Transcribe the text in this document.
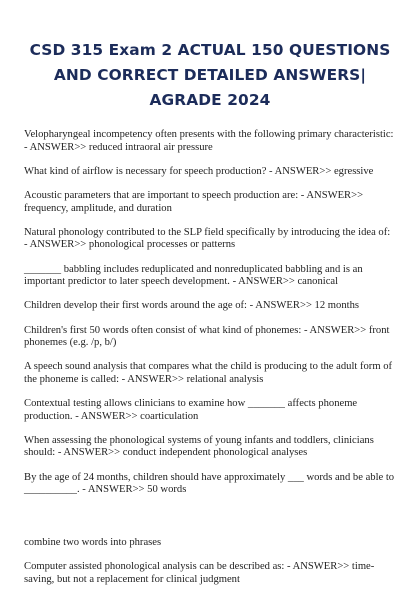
CSD 315 Exam 2 ACTUAL 150 QUESTIONS AND CORRECT DETAILED ANSWERS| AGRADE 2024

Velopharyngeal incompetency often presents with the following primary characteristic: - ANSWER>> reduced intraoral air pressure

What kind of airflow is necessary for speech production? - ANSWER>> egressive

Acoustic parameters that are important to speech production are: - ANSWER>> frequency, amplitude, and duration

Natural phonology contributed to the SLP field specifically by introducing the idea of: - ANSWER>> phonological processes or patterns

_______ babbling includes reduplicated and nonreduplicated babbling and is an important predictor to later speech development. - ANSWER>> canonical

Children develop their first words around the age of: - ANSWER>> 12 months

Children's first 50 words often consist of what kind of phonemes: - ANSWER>> front phonemes (e.g. /p, b/)

A speech sound analysis that compares what the child is producing to the adult form of the phoneme is called: - ANSWER>> relational analysis

Contextual testing allows clinicians to examine how _______ affects phoneme production. - ANSWER>> coarticulation

When assessing the phonological systems of young infants and toddlers, clinicians should: - ANSWER>> conduct independent phonological analyses

By the age of 24 months, children should have approximately ___ words and be able to __________. - ANSWER>> 50 words

combine two words into phrases

Computer assisted phonological analysis can be described as: - ANSWER>> time-saving, but not a replacement for clinical judgment
